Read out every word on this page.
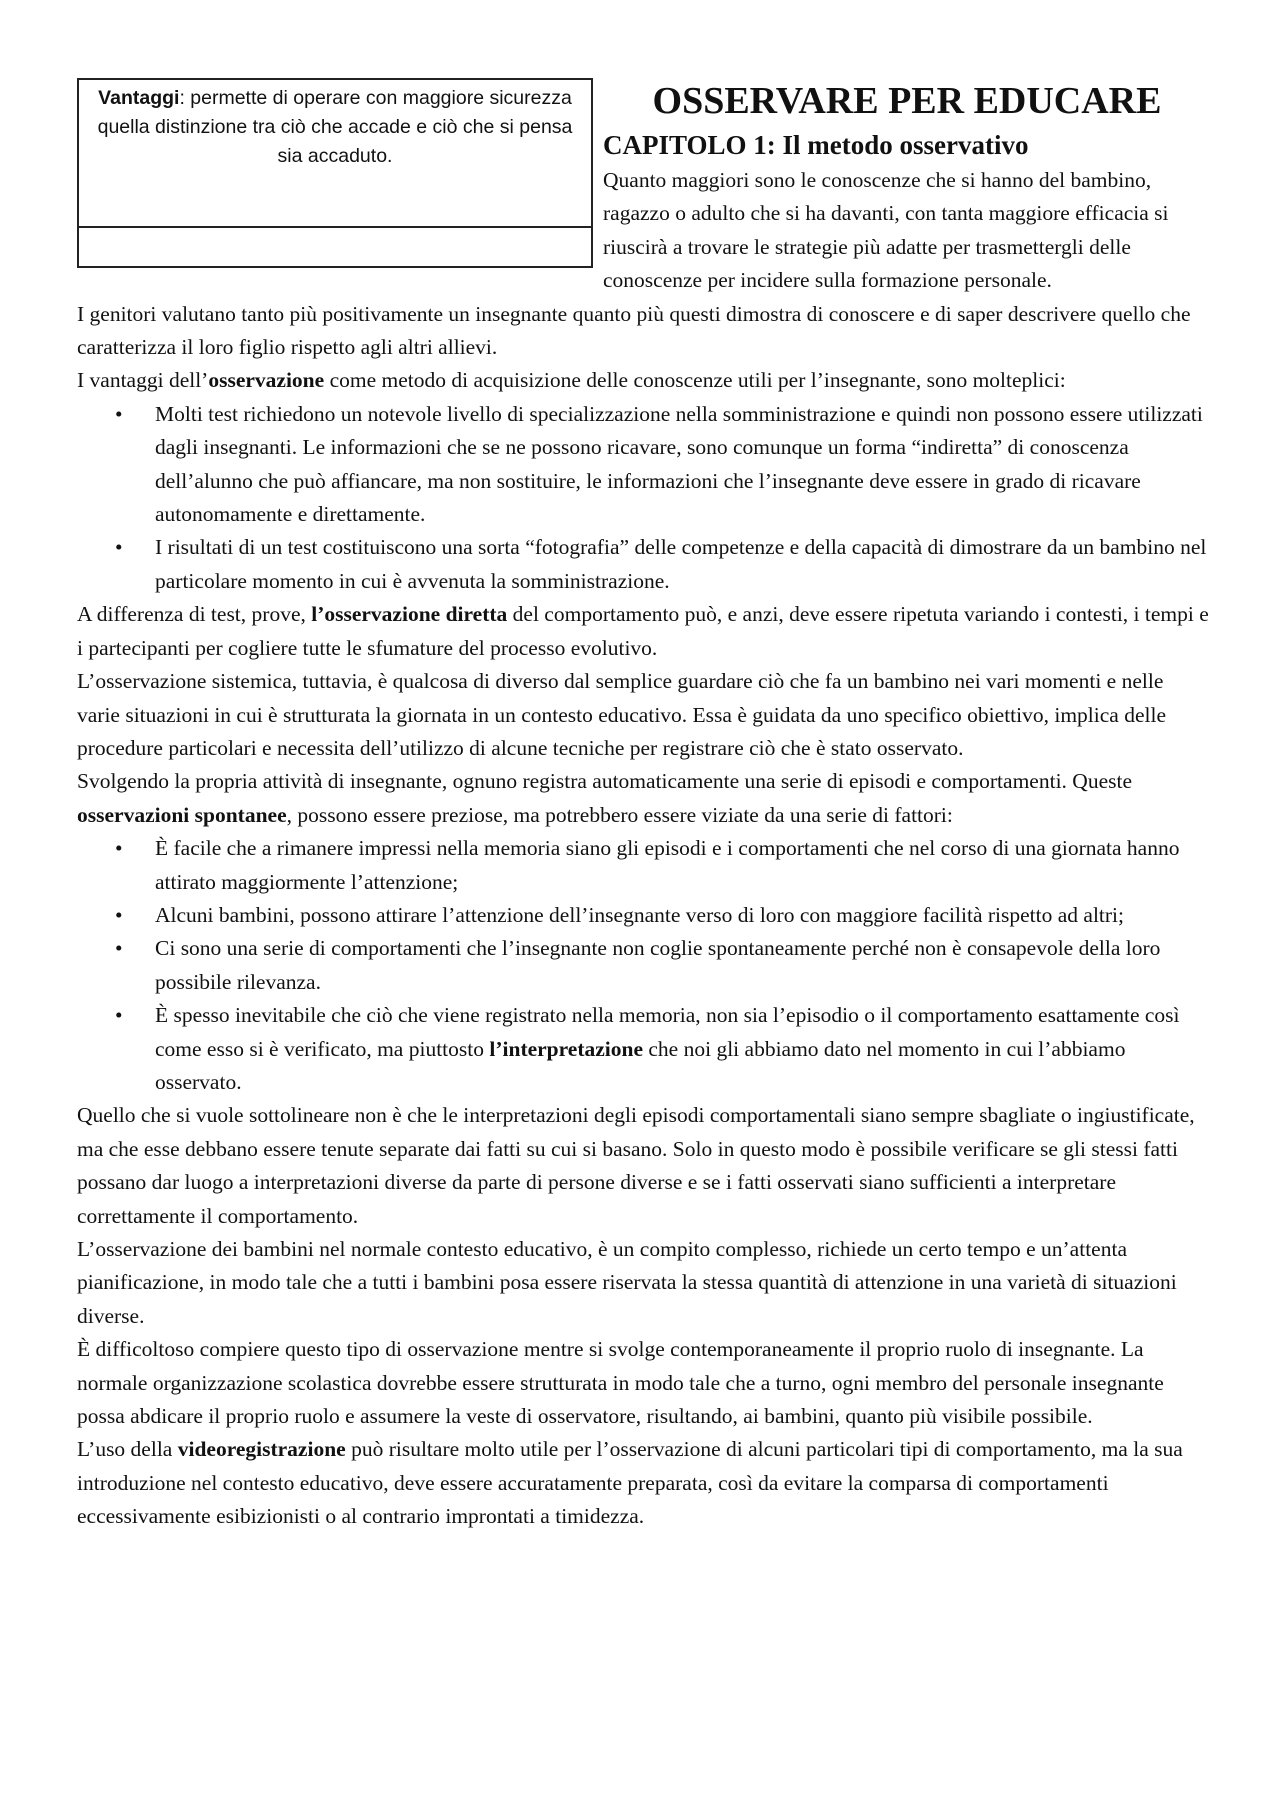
Vantaggi: permette di operare con maggiore sicurezza quella distinzione tra ciò che accade e ciò che si pensa sia accaduto.
OSSERVARE PER EDUCARE
CAPITOLO 1: Il metodo osservativo

Quanto maggiori sono le conoscenze che si hanno del bambino, ragazzo o adulto che si ha davanti, con tanta maggiore efficacia si riuscirà a trovare le strategie più adatte per trasmettergli delle conoscenze per incidere sulla formazione personale.

I genitori valutano tanto più positivamente un insegnante quanto più questi dimostra di conoscere e di saper descrivere quello che caratterizza il loro figlio rispetto agli altri allievi.

I vantaggi dell’osservazione come metodo di acquisizione delle conoscenze utili per l’insegnante, sono molteplici:

• Molti test richiedono un notevole livello di specializzazione nella somministrazione e quindi non possono essere utilizzati dagli insegnanti. Le informazioni che se ne possono ricavare, sono comunque un forma “indiretta” di conoscenza dell’alunno che può affiancare, ma non sostituire, le informazioni che l’insegnante deve essere in grado di ricavare autonomamente e direttamente.
• I risultati di un test costituiscono una sorta “fotografia” delle competenze e della capacità di dimostrare da un bambino nel particolare momento in cui è avvenuta la somministrazione.

A differenza di test, prove, l’osservazione diretta del comportamento può, e anzi, deve essere ripetuta variando i contesti, i tempi e i partecipanti per cogliere tutte le sfumature del processo evolutivo.

L’osservazione sistemica, tuttavia, è qualcosa di diverso dal semplice guardare ciò che fa un bambino nei vari momenti e nelle varie situazioni in cui è strutturata la giornata in un contesto educativo. Essa è guidata da uno specifico obiettivo, implica delle procedure particolari e necessita dell’utilizzo di alcune tecniche per registrare ciò che è stato osservato.

Svolgendo la propria attività di insegnante, ognuno registra automaticamente una serie di episodi e comportamenti. Queste osservazioni spontanee, possono essere preziose, ma potrebbero essere viziate da una serie di fattori:

• È facile che a rimanere impressi nella memoria siano gli episodi e i comportamenti che nel corso di una giornata hanno attirato maggiormente l’attenzione;
• Alcuni bambini, possono attirare l’attenzione dell’insegnante verso di loro con maggiore facilità rispetto ad altri;
• Ci sono una serie di comportamenti che l’insegnante non coglie spontaneamente perché non è consapevole della loro possibile rilevanza.
• È spesso inevitabile che ciò che viene registrato nella memoria, non sia l’episodio o il comportamento esattamente così come esso si è verificato, ma piuttosto l’interpretazione che noi gli abbiamo dato nel momento in cui l’abbiamo osservato.

Quello che si vuole sottolineare non è che le interpretazioni degli episodi comportamentali siano sempre sbagliate o ingiustificate, ma che esse debbano essere tenute separate dai fatti su cui si basano. Solo in questo modo è possibile verificare se gli stessi fatti possano dar luogo a interpretazioni diverse da parte di persone diverse e se i fatti osservati siano sufficienti a interpretare correttamente il comportamento.

L’osservazione dei bambini nel normale contesto educativo, è un compito complesso, richiede un certo tempo e un’attenta pianificazione, in modo tale che a tutti i bambini posa essere riservata la stessa quantità di attenzione in una varietà di situazioni diverse.

È difficoltoso compiere questo tipo di osservazione mentre si svolge contemporaneamente il proprio ruolo di insegnante. La normale organizzazione scolastica dovrebbe essere strutturata in modo tale che a turno, ogni membro del personale insegnante possa abdicare il proprio ruolo e assumere la veste di osservatore, risultando, ai bambini, quanto più visibile possibile.

L’uso della videoregistrazione può risultare molto utile per l’osservazione di alcuni particolari tipi di comportamento, ma la sua introduzione nel contesto educativo, deve essere accuratamente preparata, così da evitare la comparsa di comportamenti eccessivamente esibizionisti o al contrario improntati a timidezza.
